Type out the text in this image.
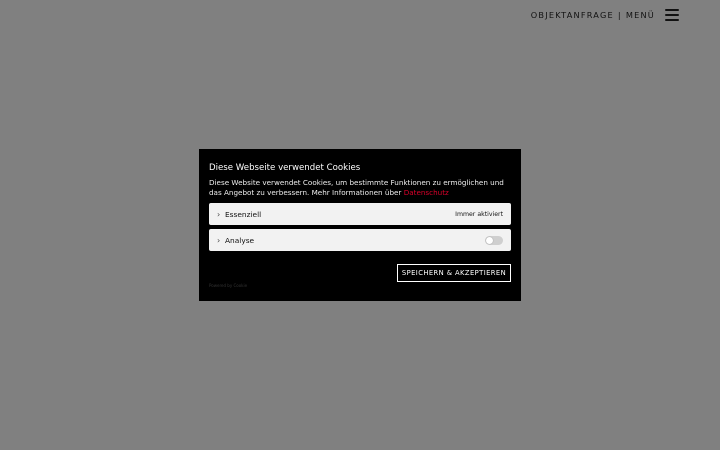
OBJEKTANFRAGE | MENÜ
Diese Webseite verwendet Cookies
Diese Website verwendet Cookies, um bestimmte Funktionen zu ermöglichen und das Angebot zu verbessern. Mehr Informationen über Datenschutz
› Essenziell	Immer aktiviert
› Analyse
SPEICHERN & AKZEPTIEREN
Powered by Cookie
